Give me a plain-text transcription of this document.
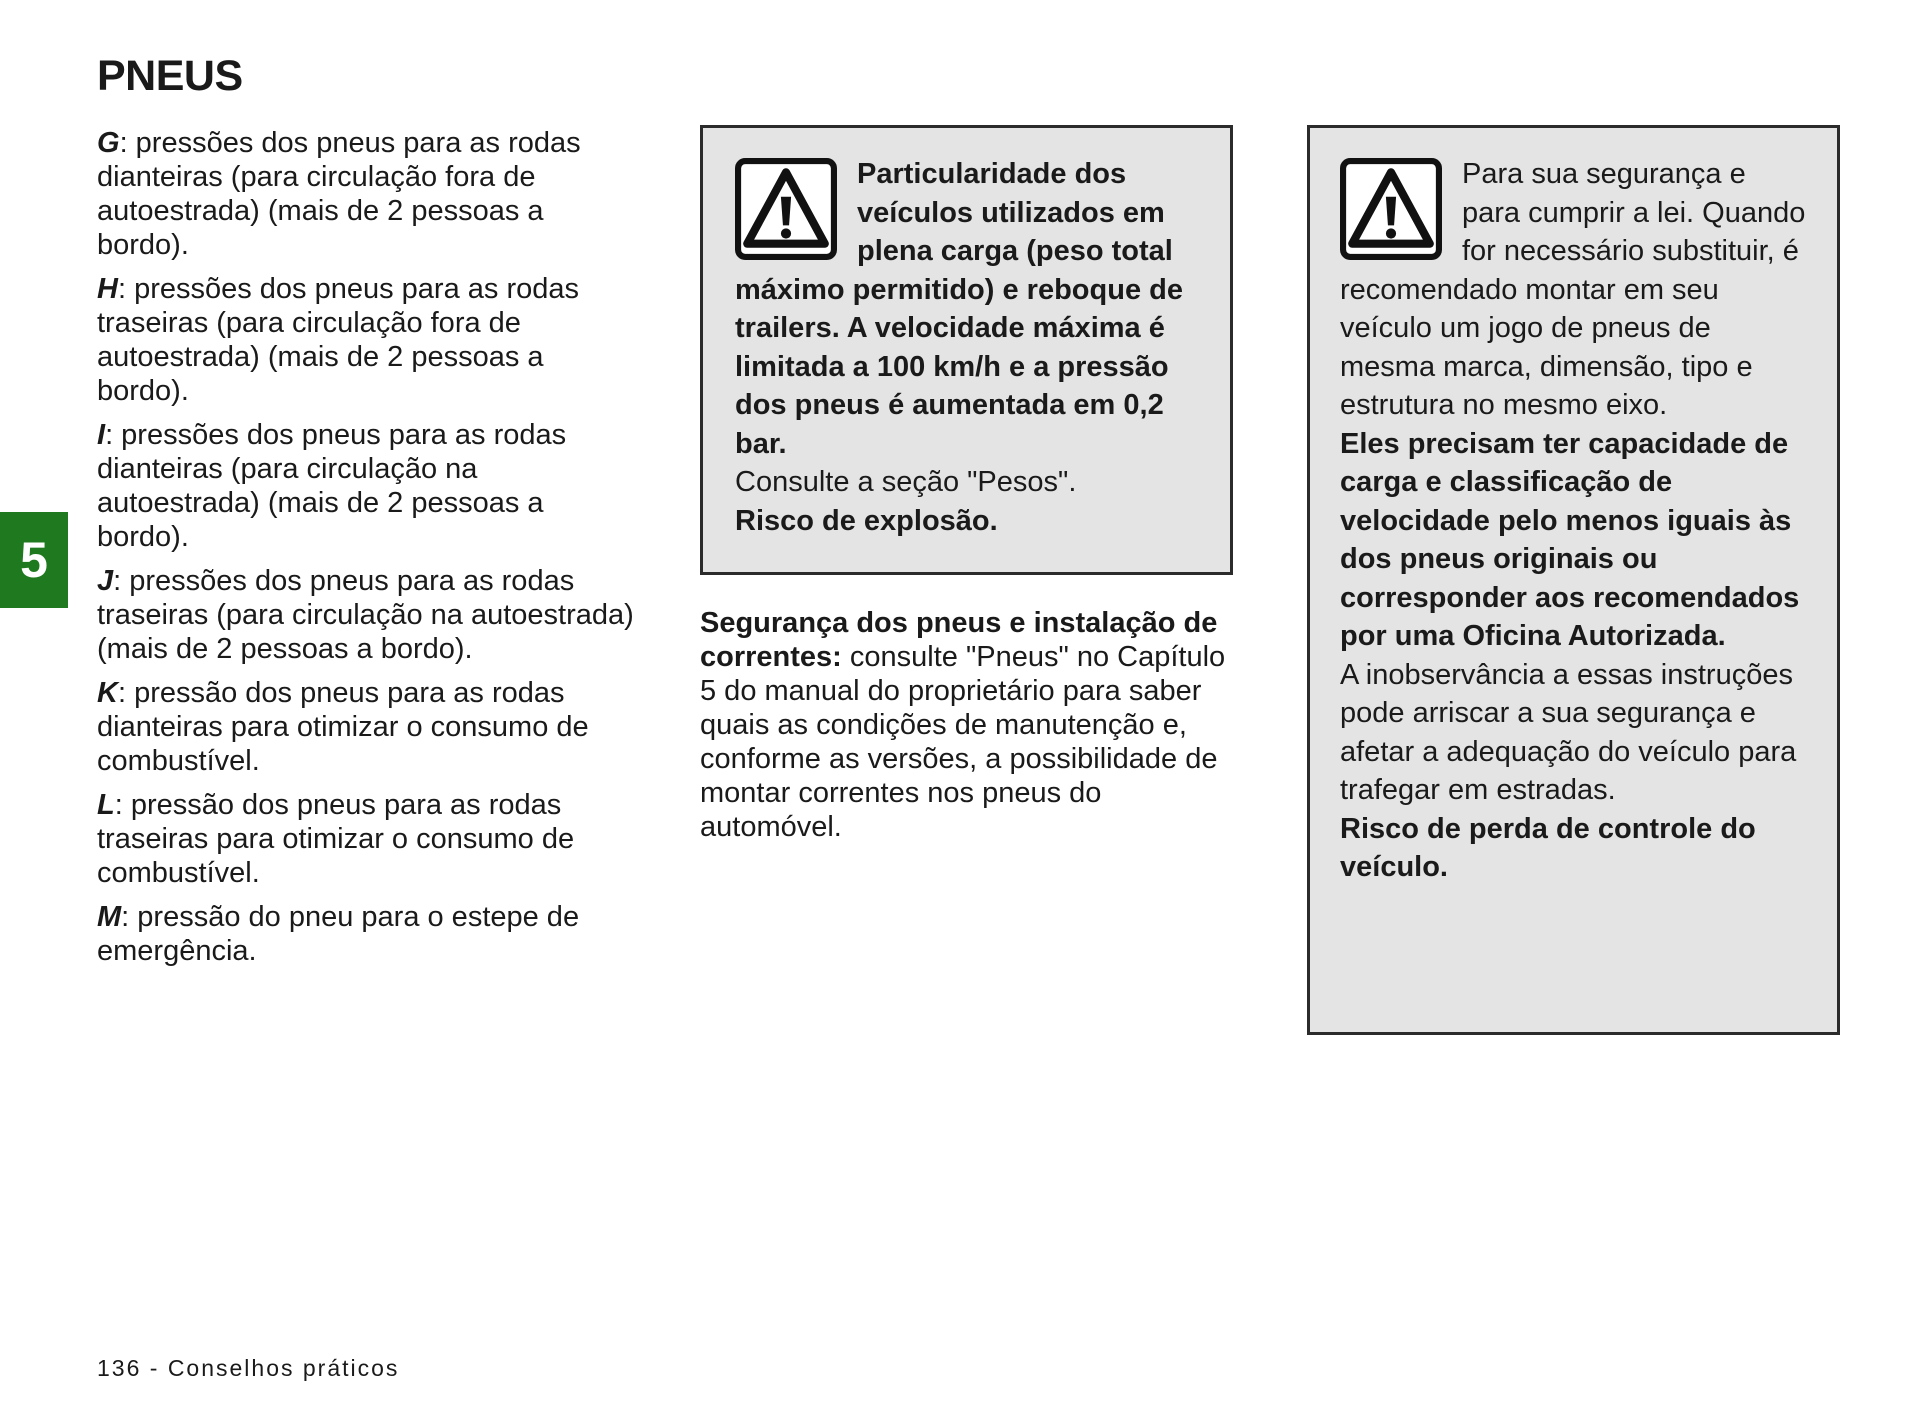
PNEUS
5

G: pressões dos pneus para as rodas dianteiras (para circulação fora de autoestrada) (mais de 2 pessoas a bordo).

H: pressões dos pneus para as rodas traseiras (para circulação fora de autoestrada) (mais de 2 pessoas a bordo).

I: pressões dos pneus para as rodas dianteiras (para circulação na autoestrada) (mais de 2 pessoas a bordo).

J: pressões dos pneus para as rodas traseiras (para circulação na autoestrada) (mais de 2 pessoas a bordo).

K: pressão dos pneus para as rodas dianteiras para otimizar o consumo de combustível.

L: pressão dos pneus para as rodas traseiras para otimizar o consumo de combustível.

M: pressão do pneu para o estepe de emergência.

Particularidade dos veículos utilizados em plena carga (peso total máximo permitido) e reboque de trailers. A velocidade máxima é limitada a 100 km/h e a pressão dos pneus é aumentada em 0,2 bar.

Consulte a seção "Pesos".

Risco de explosão.

Segurança dos pneus e instalação de correntes: consulte "Pneus" no Capítulo 5 do manual do proprietário para saber quais as condições de manutenção e, conforme as versões, a possibilidade de montar correntes nos pneus do automóvel.

Para sua segurança e para cumprir a lei. Quando for necessário substituir, é recomendado montar em seu veículo um jogo de pneus de mesma marca, dimensão, tipo e estrutura no mesmo eixo.

Eles precisam ter capacidade de carga e classificação de velocidade pelo menos iguais às dos pneus originais ou corresponder aos recomendados por uma Oficina Autorizada.

A inobservância a essas instruções pode arriscar a sua segurança e afetar a adequação do veículo para trafegar em estradas.

Risco de perda de controle do veículo.

136 - Conselhos práticos
